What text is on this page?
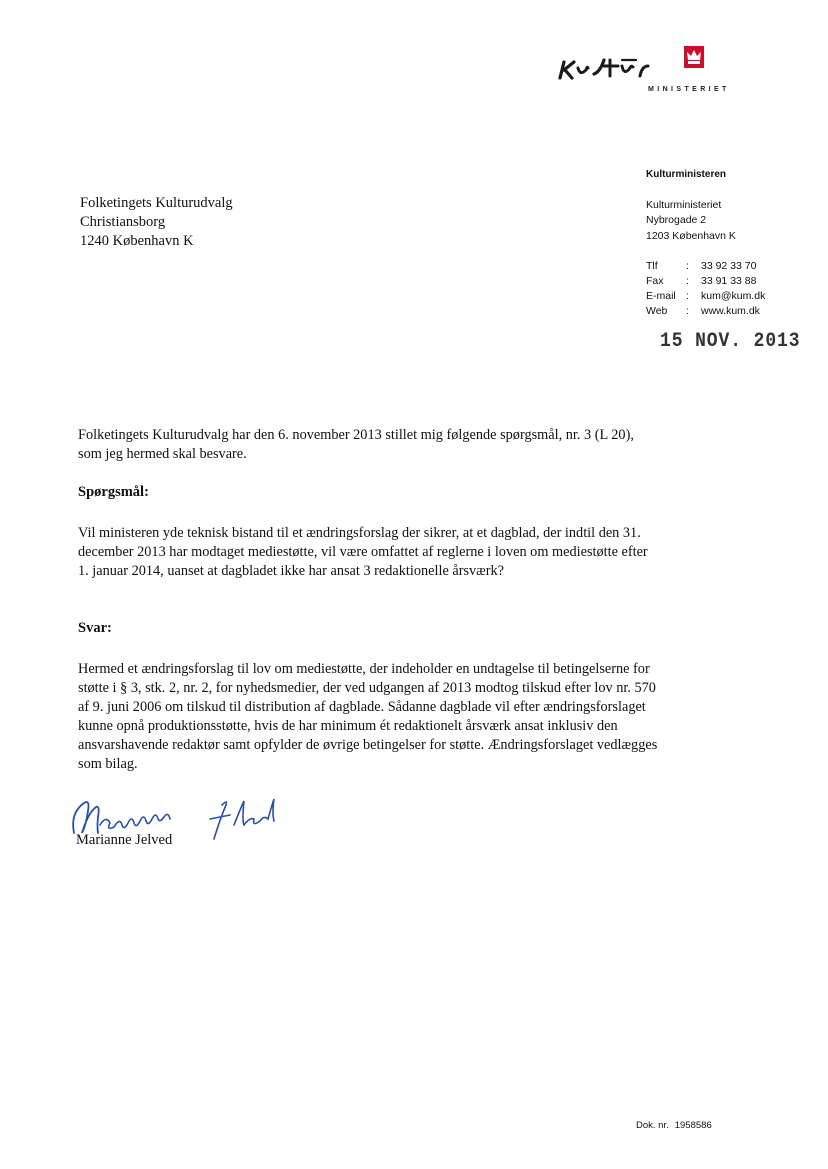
MINISTERIET
Kulturministeren
Kulturministeriet
Nybrogade 2
1203 København K
Tlf	: 33 92 33 70
Fax : 33 91 33 88
E-mail : kum@kum.dk
Web : www.kum.dk
15 NOV. 2013
Folketingets Kulturudvalg
Christiansborg
1240 København K

Folketingets Kulturudvalg har den 6. november 2013 stillet mig følgende spørgsmål, nr. 3 (L 20), som jeg hermed skal besvare.

Spørgsmål:

Vil ministeren yde teknisk bistand til et ændringsforslag der sikrer, at et dagblad, der indtil den 31. december 2013 har modtaget mediestøtte, vil være omfattet af reglerne i loven om mediestøtte efter 1. januar 2014, uanset at dagbladet ikke har ansat 3 redaktionelle årsværk?

Svar:

Hermed et ændringsforslag til lov om mediestøtte, der indeholder en undtagelse til betingelserne for støtte i § 3, stk. 2, nr. 2, for nyhedsmedier, der ved udgangen af 2013 modtog tilskud efter lov nr. 570 af 9. juni 2006 om tilskud til distribution af dagblade. Sådanne dagblade vil efter ændringsforslaget kunne opnå produktionsstøtte, hvis de har minimum ét redaktionelt årsværk ansat inklusiv den ansvarshavende redaktør samt opfylder de øvrige betingelser for støtte. Ændringsforslaget vedlægges som bilag.

Marianne Jelved
Dok. nr. 1958586
